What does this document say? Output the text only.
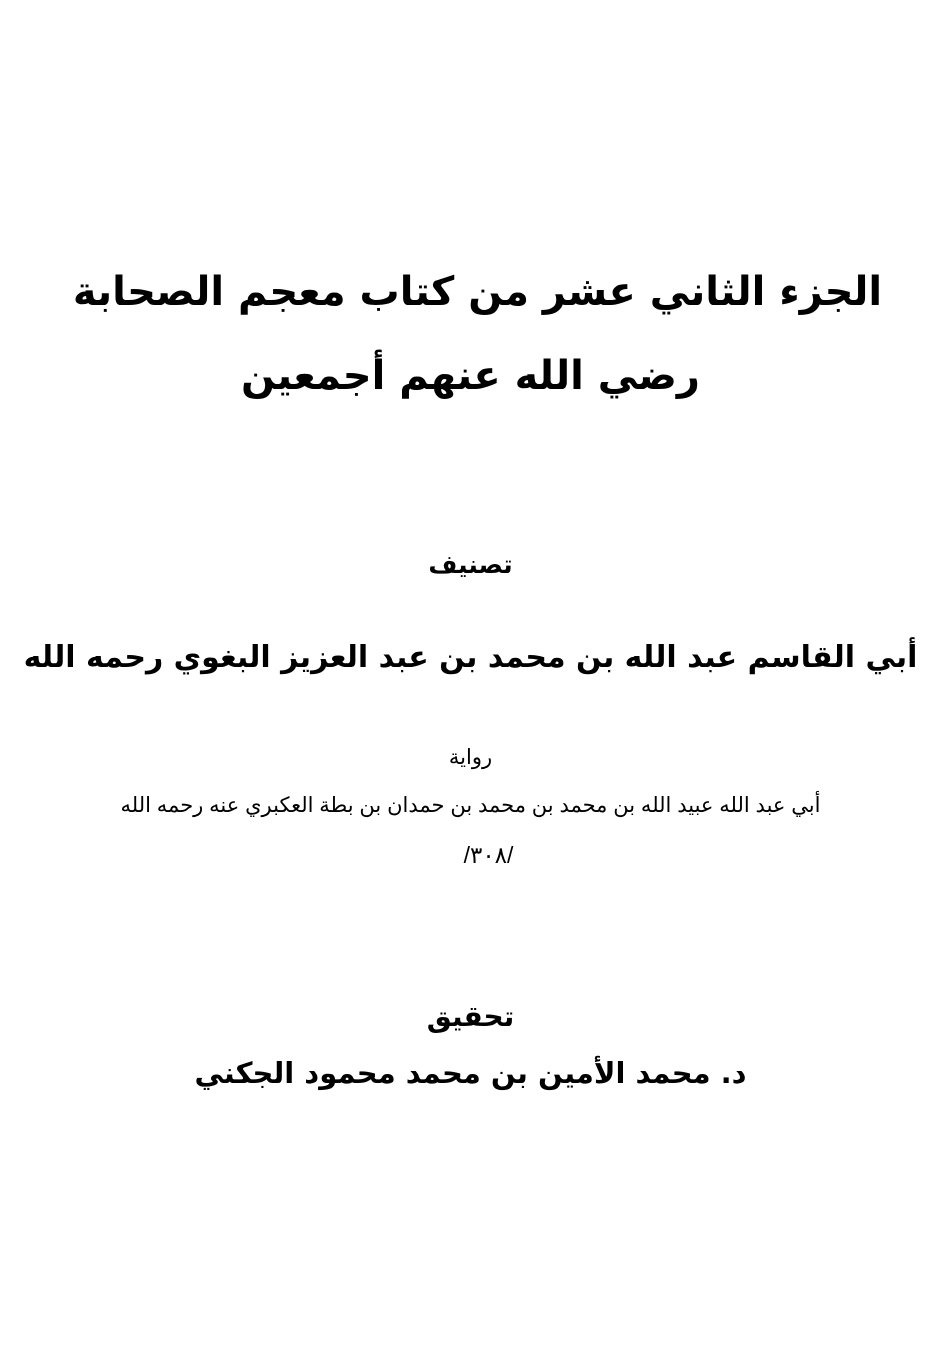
الجزء الثاني عشر من كتاب معجم الصحابة
رضي الله عنهم أجمعين
تصنيف
أبي القاسم عبد الله بن محمد بن عبد العزيز البغوي رحمه الله
رواية
أبي عبد الله عبيد الله بن محمد بن محمد بن حمدان بن بطة العكبري عنه رحمه الله
/٣٠٨/
تحقيق
د. محمد الأمين بن محمد محمود الجكني
